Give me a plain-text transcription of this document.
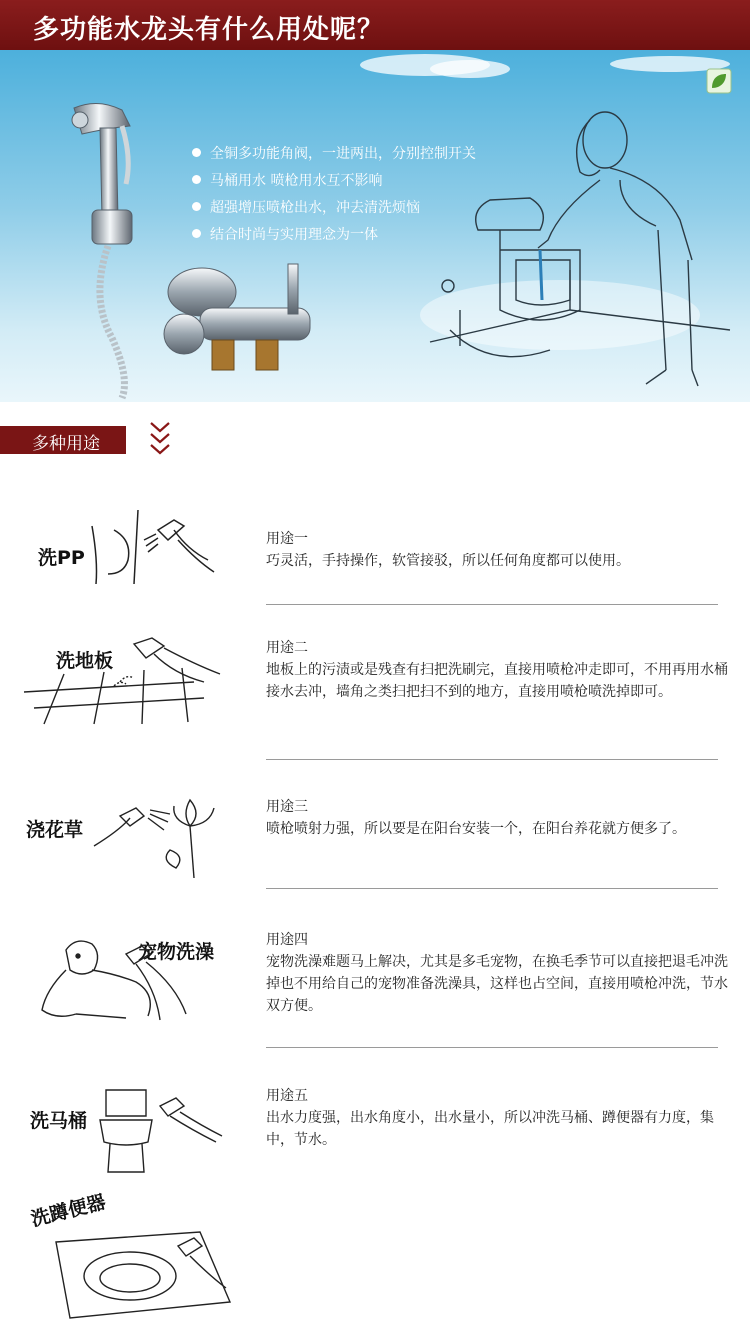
多功能水龙头有什么用处呢？
全铜多功能角阀，一进两出，分别控制开关
马桶用水 喷枪用水互不影响
超强增压喷枪出水，冲去清洗烦恼
结合时尚与实用理念为一体
多种用途
洗PP
用途一
巧灵活，手持操作，软管接驳，所以任何角度都可以使用。
洗地板
用途二
地板上的污渍或是残查有扫把洗刷完，直接用喷枪冲走即可，不用再用水桶接水去冲，墙角之类扫把扫不到的地方，直接用喷枪喷洗掉即可。
浇花草
用途三
喷枪喷射力强，所以要是在阳台安装一个，在阳台养花就方便多了。
宠物洗澡
用途四
宠物洗澡难题马上解决，尤其是多毛宠物，在换毛季节可以直接把退毛冲洗掉也不用给自己的宠物准备洗澡具，这样也占空间，直接用喷枪冲洗，节水双方便。
洗马桶
洗蹲便器
用途五
出水力度强，出水角度小，出水量小，所以冲洗马桶、蹲便器有力度，集中，节水。
